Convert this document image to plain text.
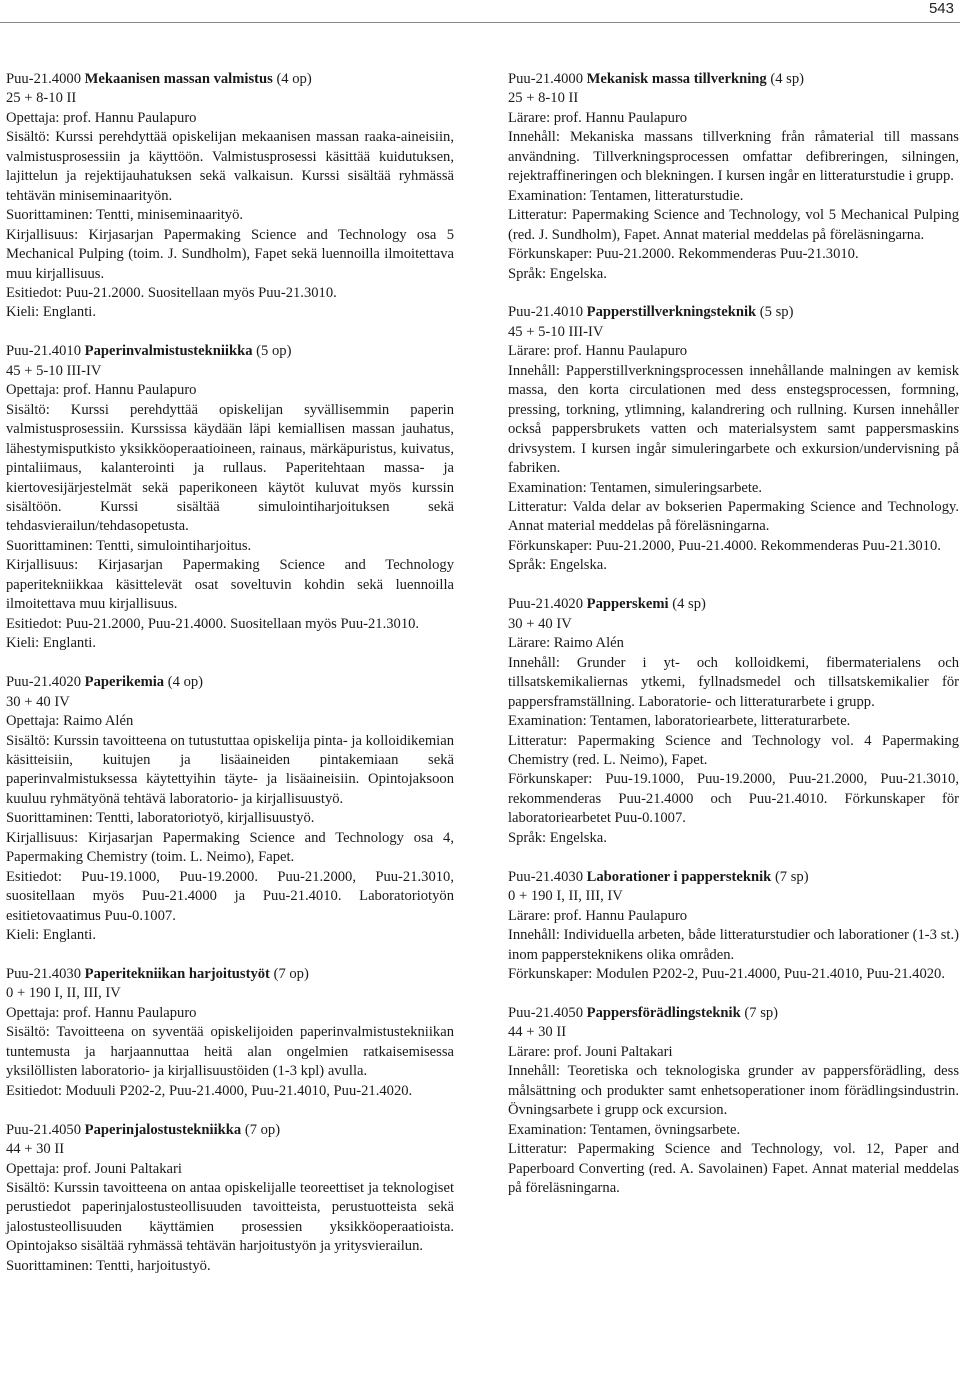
543

Puu-21.4000 Mekaanisen massan valmistus (4 op)

25 + 8-10 II

Opettaja: prof. Hannu Paulapuro

Sisältö: Kurssi perehdyttää opiskelijan mekaanisen massan raaka-aineisiin, valmistusprosessiin ja käyttöön. Valmistusprosessi käsittää kuidutuksen, lajittelun ja rejektijauhatuksen sekä valkaisun. Kurssi sisältää ryhmässä tehtävän miniseminaarityön.

Suorittaminen: Tentti, miniseminaarityö.

Kirjallisuus: Kirjasarjan Papermaking Science and Technology osa 5 Mechanical Pulping (toim. J. Sundholm), Fapet sekä luennoilla ilmoitettava muu kirjallisuus.

Esitiedot: Puu-21.2000. Suositellaan myös Puu-21.3010.

Kieli: Englanti.

Puu-21.4010 Paperinvalmistustekniikka (5 op)

45 + 5-10 III-IV

Opettaja: prof. Hannu Paulapuro

Sisältö: Kurssi perehdyttää opiskelijan syvällisemmin paperin valmistusprosessiin. Kurssissa käydään läpi kemiallisen massan jauhatus, lähestymisputkisto yksikköoperaatioineen, rainaus, märkäpuristus, kuivatus, pintaliimaus, kalanterointi ja rullaus. Paperitehtaan massa- ja kiertovesijärjestelmät sekä paperikoneen käytöt kuluvat myös kurssin sisältöön. Kurssi sisältää simulointiharjoituksen sekä tehdasvierailun/tehdasopetusta.

Suorittaminen: Tentti, simulointiharjoitus.

Kirjallisuus: Kirjasarjan Papermaking Science and Technology paperitekniikkaa käsittelevät osat soveltuvin kohdin sekä luennoilla ilmoitettava muu kirjallisuus.

Esitiedot: Puu-21.2000, Puu-21.4000. Suositellaan myös Puu-21.3010.

Kieli: Englanti.

Puu-21.4020 Paperikemia (4 op)

30 + 40 IV

Opettaja: Raimo Alén

Sisältö: Kurssin tavoitteena on tutustuttaa opiskelija pinta- ja kolloidikemian käsitteisiin, kuitujen ja lisäaineiden pintakemiaan sekä paperinvalmistuksessa käytettyihin täyte- ja lisäaineisiin. Opintojaksoon kuuluu ryhmätyönä tehtävä laboratorio- ja kirjallisuustyö.

Suorittaminen: Tentti, laboratoriotyö, kirjallisuustyö.

Kirjallisuus: Kirjasarjan Papermaking Science and Technology osa 4, Papermaking Chemistry (toim. L. Neimo), Fapet.

Esitiedot: Puu-19.1000, Puu-19.2000. Puu-21.2000, Puu-21.3010, suositellaan myös Puu-21.4000 ja Puu-21.4010. Laboratoriotyön esitietovaatimus Puu-0.1007.

Kieli: Englanti.

Puu-21.4030 Paperitekniikan harjoitustyöt (7 op)

0 + 190 I, II, III, IV

Opettaja: prof. Hannu Paulapuro

Sisältö: Tavoitteena on syventää opiskelijoiden paperinvalmistustekniikan tuntemusta ja harjaannuttaa heitä alan ongelmien ratkaisemisessa yksilöllisten laboratorio- ja kirjallisuustöiden (1-3 kpl) avulla.

Esitiedot: Moduuli P202-2, Puu-21.4000, Puu-21.4010, Puu-21.4020.

Puu-21.4050 Paperinjalostustekniikka (7 op)

44 + 30 II

Opettaja: prof. Jouni Paltakari

Sisältö: Kurssin tavoitteena on antaa opiskelijalle teoreettiset ja teknologiset perustiedot paperinjalostusteollisuuden tavoitteista, perustuotteista sekä jalostusteollisuuden käyttämien prosessien yksikköoperaatioista. Opintojakso sisältää ryhmässä tehtävän harjoitustyön ja yritysvierailun.

Suorittaminen: Tentti, harjoitustyö.

Puu-21.4000 Mekanisk massa tillverkning (4 sp)

25 + 8-10 II

Lärare: prof. Hannu Paulapuro

Innehåll: Mekaniska massans tillverkning från råmaterial till massans användning. Tillverkningsprocessen omfattar defibreringen, silningen, rejektraffineringen och blekningen. I kursen ingår en litteraturstudie i grupp.

Examination: Tentamen, litteraturstudie.

Litteratur: Papermaking Science and Technology, vol 5 Mechanical Pulping (red. J. Sundholm), Fapet. Annat material meddelas på föreläsningarna.

Förkunskaper: Puu-21.2000. Rekommenderas Puu-21.3010.

Språk: Engelska.

Puu-21.4010 Papperstillverkningsteknik (5 sp)

45 + 5-10 III-IV

Lärare: prof. Hannu Paulapuro

Innehåll: Papperstillverkningsprocessen innehållande malningen av kemisk massa, den korta circulationen med dess enstegsprocessen, formning, pressing, torkning, ytlimning, kalandrering och rullning. Kursen innehåller också pappersbrukets vatten och materialsystem samt pappersmaskins drivsystem. I kursen ingår simuleringarbete och exkursion/undervisning på fabriken.

Examination: Tentamen, simuleringsarbete.

Litteratur: Valda delar av bokserien Papermaking Science and Technology. Annat material meddelas på föreläsningarna.

Förkunskaper: Puu-21.2000, Puu-21.4000. Rekommenderas Puu-21.3010.

Språk: Engelska.

Puu-21.4020 Papperskemi (4 sp)

30 + 40 IV

Lärare: Raimo Alén

Innehåll: Grunder i yt- och kolloidkemi, fibermaterialens och tillsatskemikaliernas ytkemi, fyllnadsmedel och tillsatskemikalier för pappersframställning. Laboratorie- och litteraturarbete i grupp.

Examination: Tentamen, laboratoriearbete, litteraturarbete.

Litteratur: Papermaking Science and Technology vol. 4 Papermaking Chemistry (red. L. Neimo), Fapet.

Förkunskaper: Puu-19.1000, Puu-19.2000, Puu-21.2000, Puu-21.3010, rekommenderas Puu-21.4000 och Puu-21.4010. Förkunskaper för laboratoriearbetet Puu-0.1007.

Språk: Engelska.

Puu-21.4030 Laborationer i pappersteknik (7 sp)

0 + 190 I, II, III, IV

Lärare: prof. Hannu Paulapuro

Innehåll: Individuella arbeten, både litteraturstudier och laborationer (1-3 st.) inom pappersteknikens olika områden.

Förkunskaper: Modulen P202-2, Puu-21.4000, Puu-21.4010, Puu-21.4020.

Puu-21.4050 Pappersförädlingsteknik (7 sp)

44 + 30 II

Lärare: prof. Jouni Paltakari

Innehåll: Teoretiska och teknologiska grunder av pappersförädling, dess målsättning och produkter samt enhetsoperationer inom förädlingsindustrin. Övningsarbete i grupp ock excursion.

Examination: Tentamen, övningsarbete.

Litteratur: Papermaking Science and Technology, vol. 12, Paper and Paperboard Converting (red. A. Savolainen) Fapet. Annat material meddelas på föreläsningarna.
